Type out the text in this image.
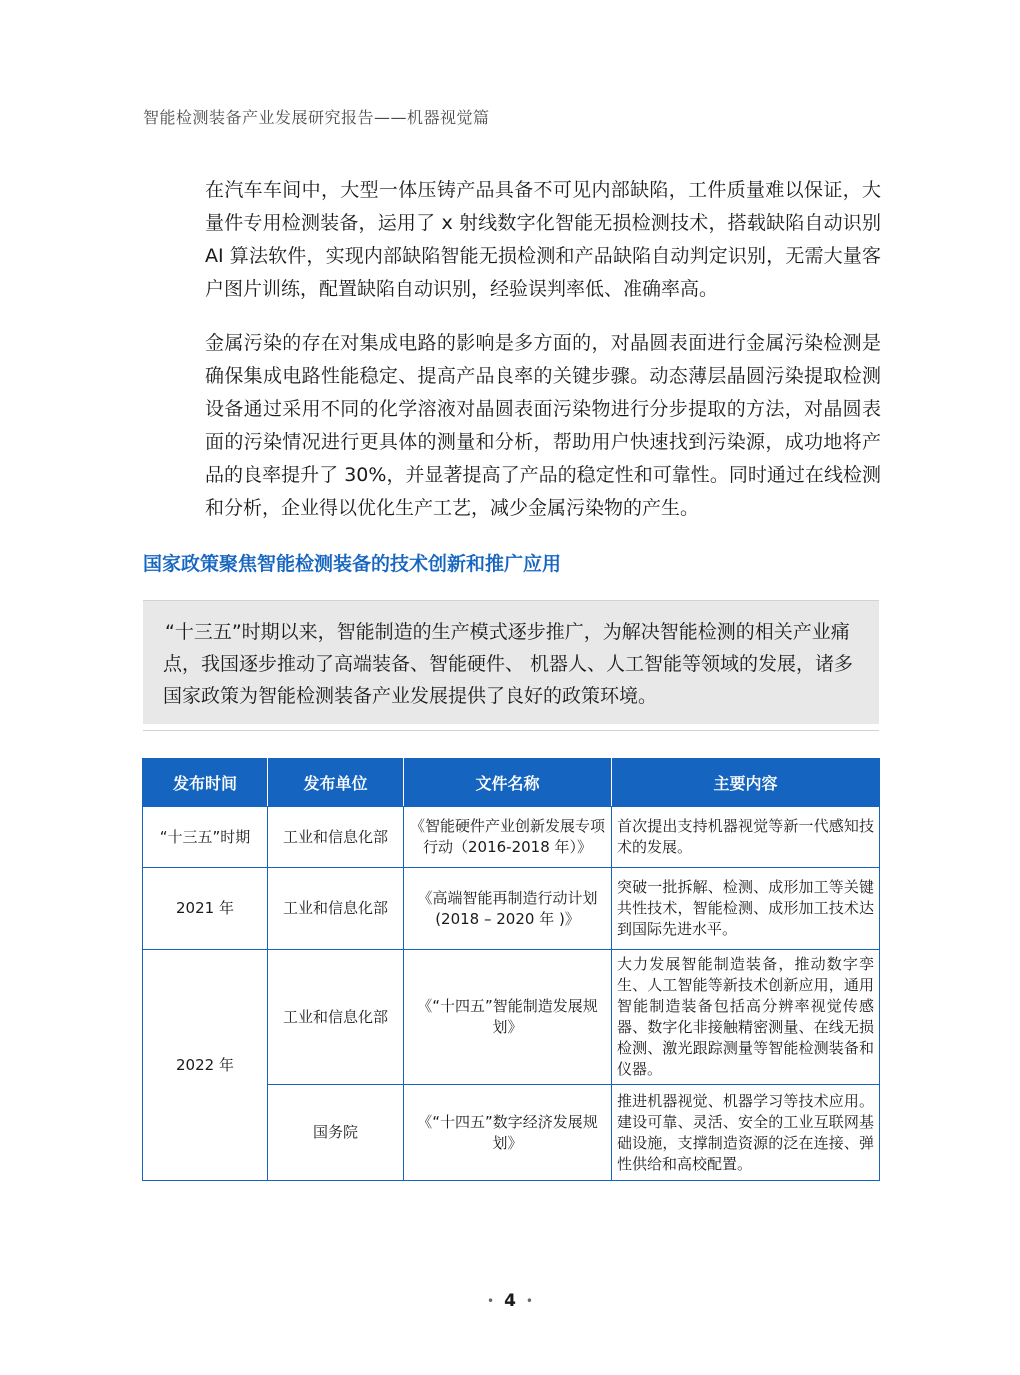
智能检测装备产业发展研究报告——机器视觉篇

在汽车车间中，大型一体压铸产品具备不可见内部缺陷，工件质量难以保证，大量件专用检测装备，运用了 x 射线数字化智能无损检测技术，搭载缺陷自动识别 AI 算法软件，实现内部缺陷智能无损检测和产品缺陷自动判定识别，无需大量客户图片训练，配置缺陷自动识别，经验误判率低、准确率高。

金属污染的存在对集成电路的影响是多方面的，对晶圆表面进行金属污染检测是确保集成电路性能稳定、提高产品良率的关键步骤。动态薄层晶圆污染提取检测设备通过采用不同的化学溶液对晶圆表面污染物进行分步提取的方法，对晶圆表面的污染情况进行更具体的测量和分析，帮助用户快速找到污染源，成功地将产品的良率提升了 30%，并显著提高了产品的稳定性和可靠性。同时通过在线检测和分析，企业得以优化生产工艺，减少金属污染物的产生。

国家政策聚焦智能检测装备的技术创新和推广应用

“十三五”时期以来，智能制造的生产模式逐步推广，为解决智能检测的相关产业痛点，我国逐步推动了高端装备、智能硬件、 机器人、人工智能等领域的发展，诸多国家政策为智能检测装备产业发展提供了良好的政策环境。

发布时间	发布单位	文件名称	主要内容
“十三五”时期	工业和信息化部	《智能硬件产业创新发展专项行动（2016-2018 年）》	首次提出支持机器视觉等新一代感知技术的发展。
2021 年	工业和信息化部	《高端智能再制造行动计划 (2018 – 2020 年 )》	突破一批拆解、检测、成形加工等关键共性技术，智能检测、成形加工技术达到国际先进水平。
2022 年	工业和信息化部	《“十四五”智能制造发展规划》	大力发展智能制造装备，推动数字孪生、人工智能等新技术创新应用，通用智能制造装备包括高分辨率视觉传感器、数字化非接触精密测量、在线无损检测、激光跟踪测量等智能检测装备和仪器。
	国务院	《“十四五”数字经济发展规划》	推进机器视觉、机器学习等技术应用。建设可靠、灵活、安全的工业互联网基础设施，支撑制造资源的泛在连接、弹性供给和高校配置。
• 4 •
